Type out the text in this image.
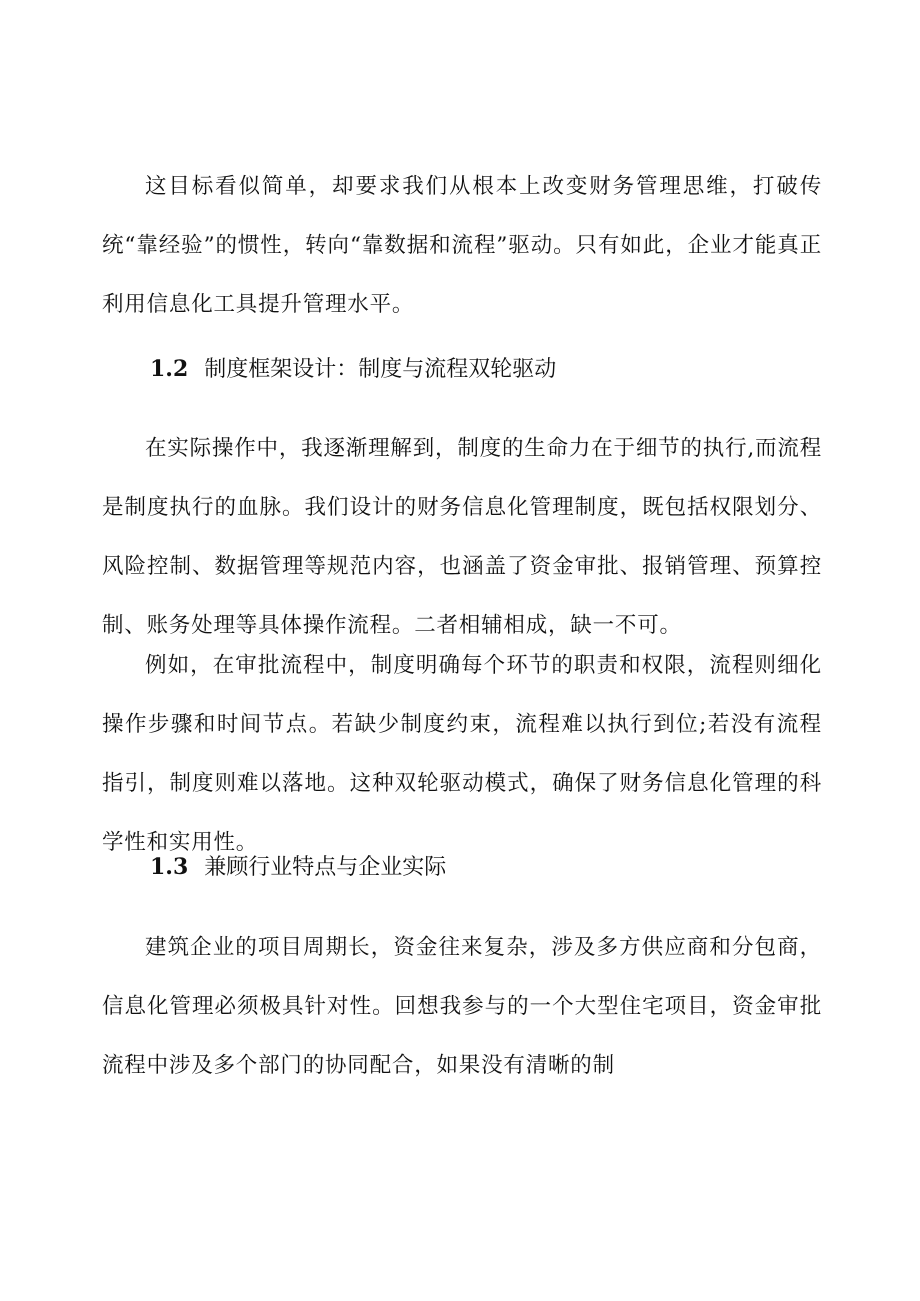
这目标看似简单，却要求我们从根本上改变财务管理思维，打破传统“靠经验”的惯性，转向“靠数据和流程”驱动。只有如此，企业才能真正利用信息化工具提升管理水平。

1.2 制度框架设计：制度与流程双轮驱动

在实际操作中，我逐渐理解到，制度的生命力在于细节的执行,而流程是制度执行的血脉。我们设计的财务信息化管理制度，既包括权限划分、风险控制、数据管理等规范内容，也涵盖了资金审批、报销管理、预算控制、账务处理等具体操作流程。二者相辅相成，缺一不可。

例如，在审批流程中，制度明确每个环节的职责和权限，流程则细化操作步骤和时间节点。若缺少制度约束，流程难以执行到位;若没有流程指引，制度则难以落地。这种双轮驱动模式，确保了财务信息化管理的科学性和实用性。

1.3 兼顾行业特点与企业实际

建筑企业的项目周期长，资金往来复杂，涉及多方供应商和分包商，信息化管理必须极具针对性。回想我参与的一个大型住宅项目，资金审批流程中涉及多个部门的协同配合，如果没有清晰的制
